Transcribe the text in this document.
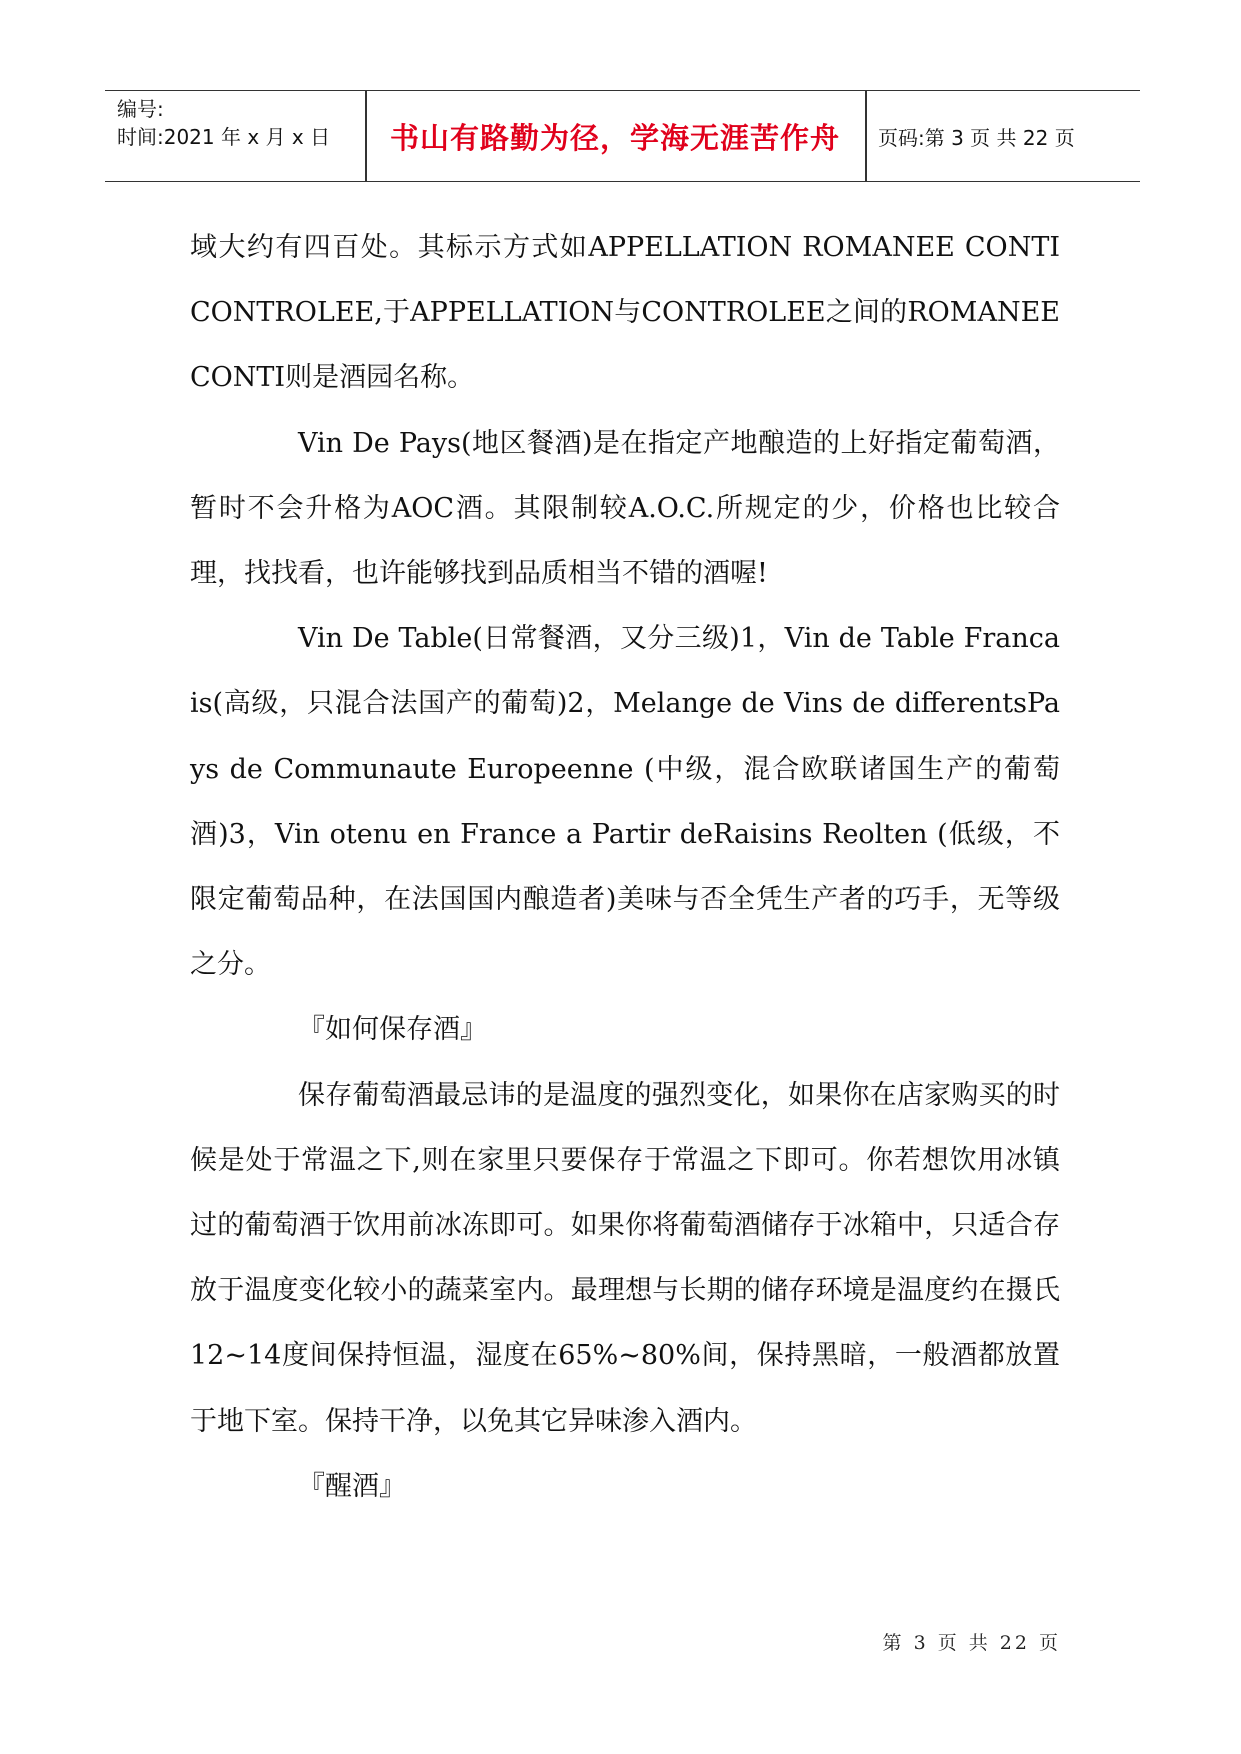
编号:
时间:2021 年 x 月 x 日	书山有路勤为径，学海无涯苦作舟	页码:第 3 页 共 22 页

域大约有四百处。其标示方式如APPELLATION ROMANEE CONTI CONTROLEE,于APPELLATION与CONTROLEE之间的ROMANEE CONTI则是酒园名称。

Vin De Pays(地区餐酒)是在指定产地酿造的上好指定葡萄酒，暂时不会升格为AOC酒。其限制较A.O.C.所规定的少，价格也比较合理，找找看，也许能够找到品质相当不错的酒喔!

Vin De Table(日常餐酒，又分三级)1，Vin de Table Francais(高级，只混合法国产的葡萄)2，Melange de Vins de differentsPays de Communaute Europeenne (中级，混合欧联诸国生产的葡萄酒)3，Vin otenu en France a Partir deRaisins Reolten (低级，不限定葡萄品种，在法国国内酿造者)美味与否全凭生产者的巧手，无等级之分。

『如何保存酒』

保存葡萄酒最忌讳的是温度的强烈变化，如果你在店家购买的时候是处于常温之下,则在家里只要保存于常温之下即可。你若想饮用冰镇过的葡萄酒于饮用前冰冻即可。如果你将葡萄酒储存于冰箱中，只适合存放于温度变化较小的蔬菜室内。最理想与长期的储存环境是温度约在摄氏12~14度间保持恒温，湿度在65%~80%间，保持黑暗，一般酒都放置于地下室。保持干净，以免其它异味渗入酒内。

『醒酒』

第 3 页 共 22 页
